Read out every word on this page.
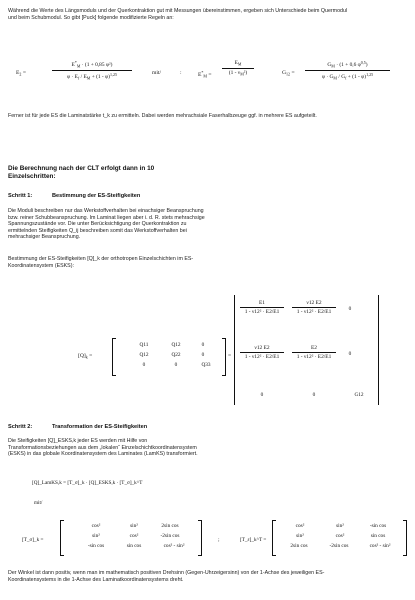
Während die Werte des Längsmoduls und der Querkontraktion gut mit Messungen übereinstimmen, ergeben sich Unterschiede beim Quermodul und beim Schubmodul. So gibt [Puck] folgende modifizierte Regeln an:
$E_2$ =	$\frac{E^*_M \cdot (1 + 0,85 \varphi^2)}{\varphi \cdot E_f / E_M + (1 - \varphi)^{1,25}}$	mit/	:	$E^*_M = \frac{E_M}{(1 - \nu_M^2)}$	$G_{12} = \frac{G_M \cdot (1 + 0,6 \varphi^{0,5})}{\varphi \cdot G_M / G_f + (1 - \varphi)^{1,25}}$
Ferner ist für jede ES die Laminatstärke t_k zu ermitteln. Dabei werden mehrachsiale Faserhalbzeuge ggf. in mehrere ES aufgeteilt.
Die Berechnung nach der CLT erfolgt dann in 10 Einzelschritten:
Schritt 1:	Bestimmung der ES-Steifigkeiten
Die Moduli beschreiben nur das Werkstoffverhalten bei einachsiger Beanspruchung bzw. reiner Schubbeanspruchung. Im Laminat liegen aber i. d. R. stets mehrachsige Spannungszustände vor. Die unter Berücksichtigung der Querkontraktion zu ermittelnden Steifigkeiten Q_ij beschreiben somit das Werkstoffverhalten bei mehrachsiger Beanspruchung.
Bestimmung der ES-Steifigkeiten [Q]_k der orthotropen Einzelschichten im ES-Koordinatensystem (ESKS):
$[Q]_k$ =
Q11	Q12	0
Q12	Q22	0
0	0	Q33
=
$\frac{E1}{\text{1 - ν12² · E2/E1}} \frac{\nu 12 E2}{\text{1 - ν12² · E2/E1}}$	0
$\frac{\nu 12 E2}{\text{1 - ν12² · E2/E1}} \frac{E2}{\text{1 - ν12² · E2/E1}}$	0
0	0	G12
Schritt 2:	Transformation der ES-Steifigkeiten
Die Steifigkeiten [Q]_ESKS,k jeder ES werden mit Hilfe von Transformationsbeziehungen aus dem „lokalen“ Einzelschichtkoordinatensystem (ESKS) in das globale Koordinatensystem des Laminates (LamKS) transformiert.
[Q]_LamKS,k = [T_σ]_k · [Q]_ESKS,k · [T_σ]_k^T
mit/
[T_σ]_k =
cos²	sin²	2sin cos
sin²	cos²	-2sin cos
-sin cos	sin cos	cos² - sin²
;	[T_ε]_k^T =
cos²	sin²	-sin cos
sin²	cos²	sin cos
2sin cos	-2sin cos	cos² - sin²
Der Winkel ist dann positiv, wenn man im mathematisch positiven Drehsinn (Gegen-Uhrzeigersinn) von der 1-Achse des jeweiligen ES-Koordinatensystems in die 1-Achse des Laminatkoordinatensystems dreht.
